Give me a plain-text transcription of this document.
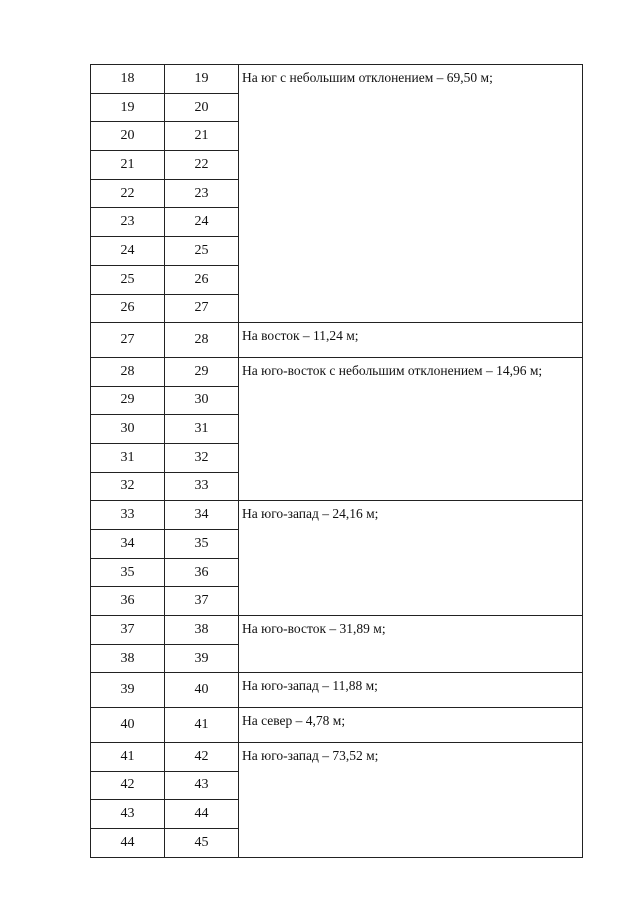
18	19	На юг с небольшим отклонением – 69,50 м;
19	20	
20	21	
21	22	
22	23	
23	24	
24	25	
25	26	
26	27	
27	28	На восток – 11,24 м;
28	29	На юго-восток с небольшим отклонением – 14,96 м;
29	30	
30	31	
31	32	
32	33	
33	34	На юго-запад – 24,16 м;
34	35	
35	36	
36	37	
37	38	На юго-восток – 31,89 м;
38	39	
39	40	На юго-запад – 11,88 м;
40	41	На север – 4,78 м;
41	42	На юго-запад – 73,52 м;
42	43	
43	44	
44	45	
